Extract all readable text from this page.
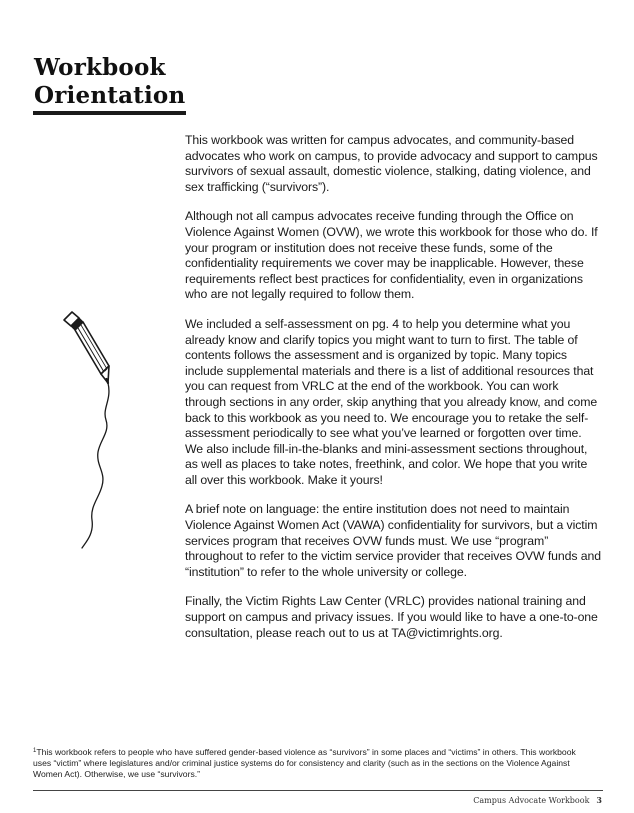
Workbook
Orientation

This workbook was written for campus advocates, and community-based advocates who work on campus, to provide advocacy and support to campus survivors of sexual assault, domestic violence, stalking, dating violence, and sex trafficking (“survivors”).

Although not all campus advocates receive funding through the Office on Violence Against Women (OVW), we wrote this workbook for those who do. If your program or institution does not receive these funds, some of the confidentiality requirements we cover may be inapplicable. However, these requirements reflect best practices for confidentiality, even in organizations who are not legally required to follow them.

We included a self-assessment on pg. 4 to help you determine what you already know and clarify topics you might want to turn to first. The table of contents follows the assessment and is organized by topic. Many topics include supplemental materials and there is a list of additional resources that you can request from VRLC at the end of the workbook. You can work through sections in any order, skip anything that you already know, and come back to this workbook as you need to. We encourage you to retake the self-assessment periodically to see what you’ve learned or forgotten over time. We also include fill-in-the-blanks and mini-assessment sections throughout, as well as places to take notes, freethink, and color. We hope that you write all over this workbook. Make it yours!

A brief note on language: the entire institution does not need to maintain Violence Against Women Act (VAWA) confidentiality for survivors, but a victim services program that receives OVW funds must. We use “program” throughout to refer to the victim service provider that receives OVW funds and “institution” to refer to the whole university or college.

Finally, the Victim Rights Law Center (VRLC) provides national training and support on campus and privacy issues. If you would like to have a one-to-one consultation, please reach out to us at TA@victimrights.org.

$^1$This workbook refers to people who have suffered gender-based violence as “survivors” in some places and “victims” in others. This workbook uses “victim” where legislatures and/or criminal justice systems do for consistency and clarity (such as in the sections on the Violence Against Women Act). Otherwise, we use “survivors.”
Campus Advocate Workbook 3
